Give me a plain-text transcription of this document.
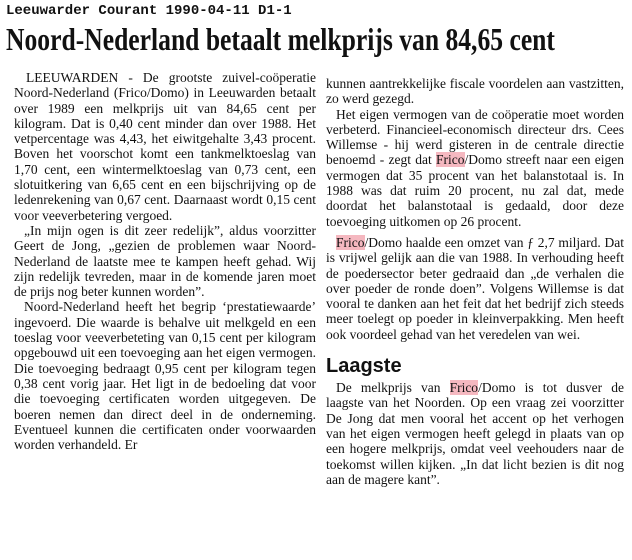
Leeuwarder Courant 1990-04-11 D1-1
Noord-Nederland betaalt melkprijs van 84,65 cent

LEEUWARDEN - De grootste zuivel-coöperatie Noord-Nederland (Frico/Domo) in Leeuwarden betaalt over 1989 een melkprijs uit van 84,65 cent per kilogram. Dat is 0,40 cent minder dan over 1988. Het vetpercentage was 4,43, het eiwitgehalte 3,43 procent. Boven het voorschot komt een tankmelktoeslag van 1,70 cent, een wintermelktoeslag van 0,73 cent, een slotuitkering van 6,65 cent en een bijschrijving op de ledenrekening van 0,67 cent. Daarnaast wordt 0,15 cent voor veeverbetering vergoed.

„In mijn ogen is dit zeer redelijk”, aldus voorzitter Geert de Jong, „gezien de problemen waar Noord-Nederland de laatste mee te kampen heeft gehad. Wij zijn redelijk tevreden, maar in de komende jaren moet de prijs nog beter kunnen worden”.

Noord-Nederland heeft het begrip ‘prestatiewaarde’ ingevoerd. Die waarde is behalve uit melkgeld en een toeslag voor veeverbeteting van 0,15 cent per kilogram opgebouwd uit een toevoeging aan het eigen vermogen. Die toevoeging bedraagt 0,95 cent per kilogram tegen 0,38 cent vorig jaar. Het ligt in de bedoeling dat voor die toevoeging certificaten worden uitgegeven. De boeren nemen dan direct deel in de onderneming. Eventueel kunnen die certificaten onder voorwaarden worden verhandeld. Er

kunnen aantrekkelijke fiscale voordelen aan vastzitten, zo werd gezegd.

Het eigen vermogen van de coöperatie moet worden verbeterd. Financieel-economisch directeur drs. Cees Willemse - hij werd gisteren in de centrale directie benoemd - zegt dat Frico/Domo streeft naar een eigen vermogen dat 35 procent van het balanstotaal is. In 1988 was dat ruim 20 procent, nu zal dat, mede doordat het balanstotaal is gedaald, door deze toevoeging uitkomen op 26 procent.

Frico/Domo haalde een omzet van ƒ 2,7 miljard. Dat is vrijwel gelijk aan die van 1988. In verhouding heeft de poedersector beter gedraaid dan „de verhalen die over poeder de ronde doen”. Volgens Willemse is dat vooral te danken aan het feit dat het bedrijf zich steeds meer toelegt op poeder in kleinverpakking. Men heeft ook voordeel gehad van het veredelen van wei.

Laagste

De melkprijs van Frico/Domo is tot dusver de laagste van het Noorden. Op een vraag zei voorzitter De Jong dat men vooral het accent op het verhogen van het eigen vermogen heeft gelegd in plaats van op een hogere melkprijs, omdat veel veehouders naar de toekomst willen kijken. „In dat licht bezien is dit nog aan de magere kant”.
